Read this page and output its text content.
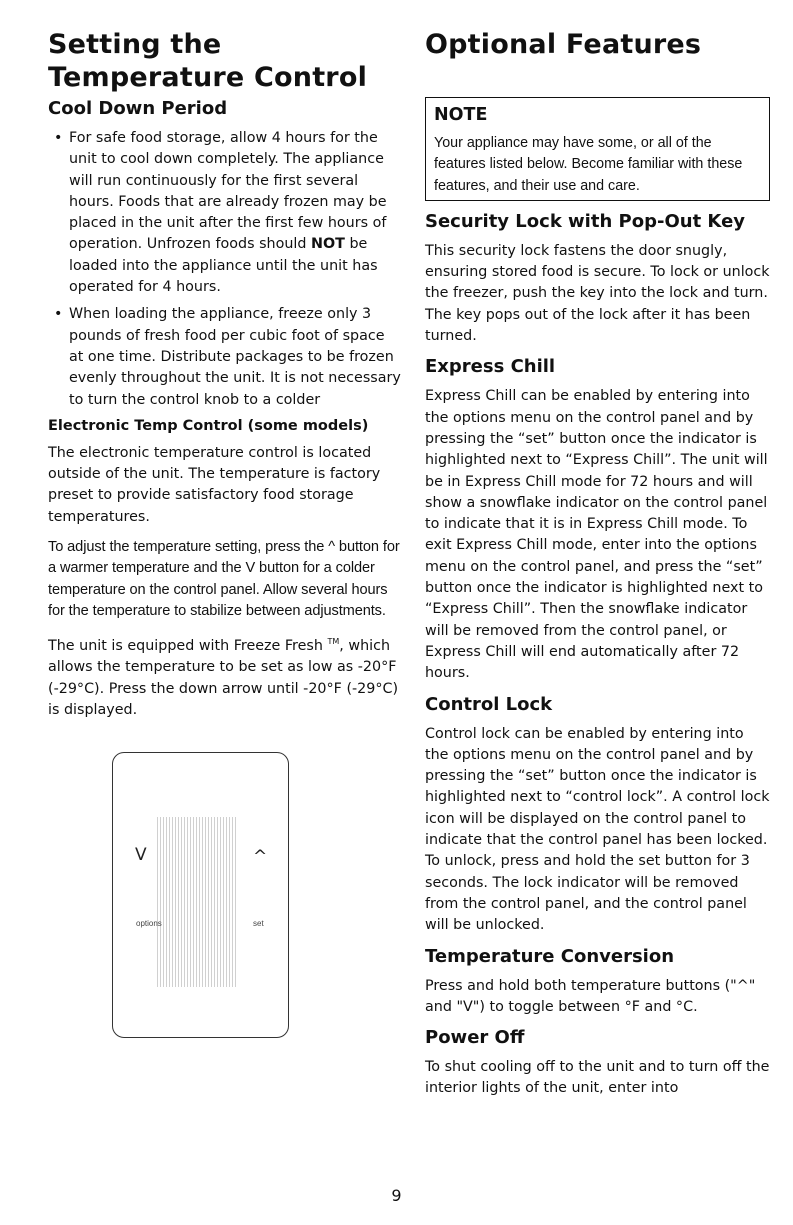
Setting the
Temperature Control
Cool Down Period
• For safe food storage, allow 4 hours for the unit to cool down completely. The appliance will run continuously for the first several hours. Foods that are already frozen may be placed in the unit after the first few hours of operation. Unfrozen foods should NOT be loaded into the appliance until the unit has operated for 4 hours.
• When loading the appliance, freeze only 3 pounds of fresh food per cubic foot of space at one time. Distribute packages to be frozen evenly throughout the unit. It is not necessary to turn the control knob to a colder
Electronic Temp Control (some models)

The electronic temperature control is located outside of the unit. The temperature is factory preset to provide satisfactory food storage temperatures.

To adjust the temperature setting, press the ^ button for a warmer temperature and the V button for a colder temperature on the control panel. Allow several hours for the temperature to stabilize between adjustments.

The unit is equipped with Freeze Fresh ™, which allows the temperature to be set as low as -20°F (-29°C). Press the down arrow until -20°F (-29°C) is displayed.

V	^
options	set
Optional Features
NOTE
Your appliance may have some, or all of the features listed below. Become familiar with these features, and their use and care.
Security Lock with Pop-Out Key

This security lock fastens the door snugly, ensuring stored food is secure. To lock or unlock the freezer, push the key into the lock and turn. The key pops out of the lock after it has been turned.

Express Chill

Express Chill can be enabled by entering into the options menu on the control panel and by pressing the “set” button once the indicator is highlighted next to “Express Chill”. The unit will be in Express Chill mode for 72 hours and will show a snowflake indicator on the control panel to indicate that it is in Express Chill mode. To exit Express Chill mode, enter into the options menu on the control panel, and press the “set” button once the indicator is highlighted next to “Express Chill”. Then the snowflake indicator will be removed from the control panel, or Express Chill will end automatically after 72 hours.

Control Lock

Control lock can be enabled by entering into the options menu on the control panel and by pressing the “set” button once the indicator is highlighted next to “control lock”. A control lock icon will be displayed on the control panel to indicate that the control panel has been locked. To unlock, press and hold the set button for 3 seconds. The lock indicator will be removed from the control panel, and the control panel will be unlocked.

Temperature Conversion

Press and hold both temperature buttons ("^" and "V") to toggle between °F and °C.

Power Off

To shut cooling off to the unit and to turn off the interior lights of the unit, enter into

9
